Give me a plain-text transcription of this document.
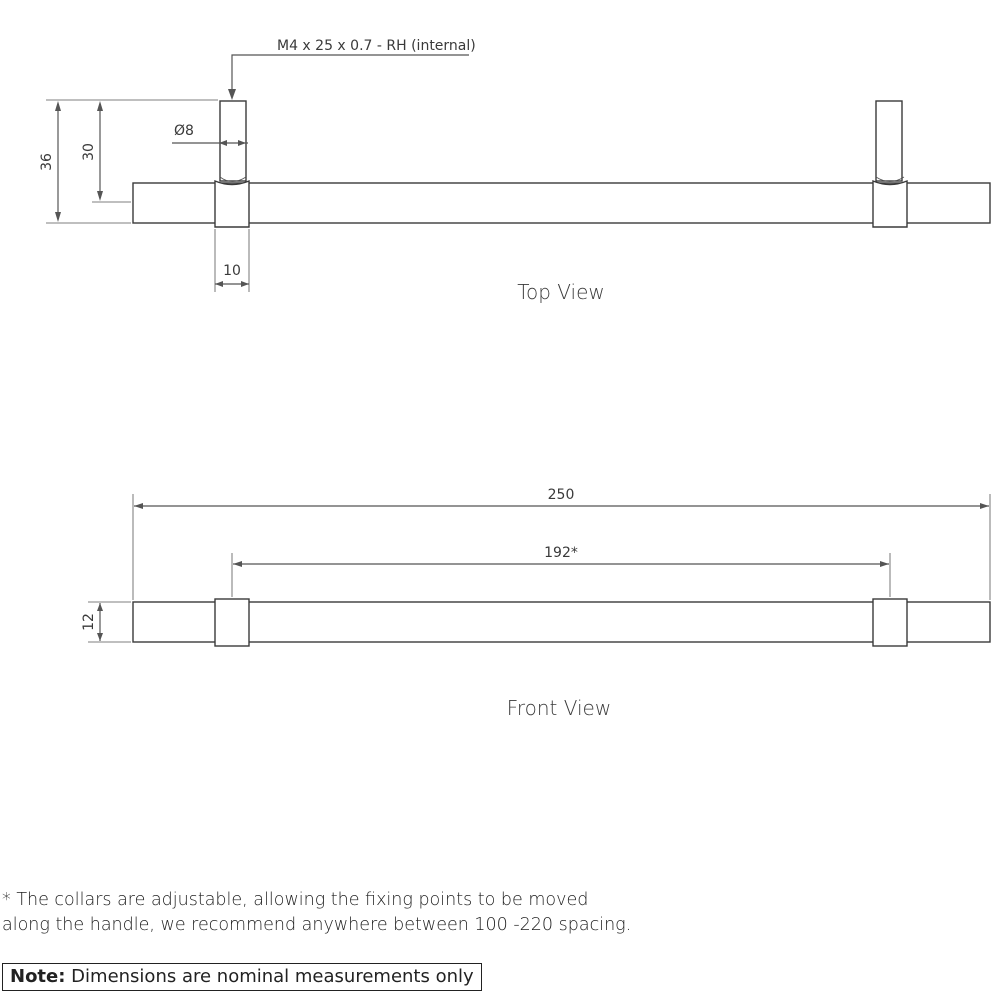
M4 x 25 x 0.7 - RH (internal)
36
30
Ø8
10
Top View
250
192*
12
Front View
* The collars are adjustable, allowing the fixing points to be moved
along the handle, we recommend anywhere between 100 -220 spacing.
Note: Dimensions are nominal measurements only
